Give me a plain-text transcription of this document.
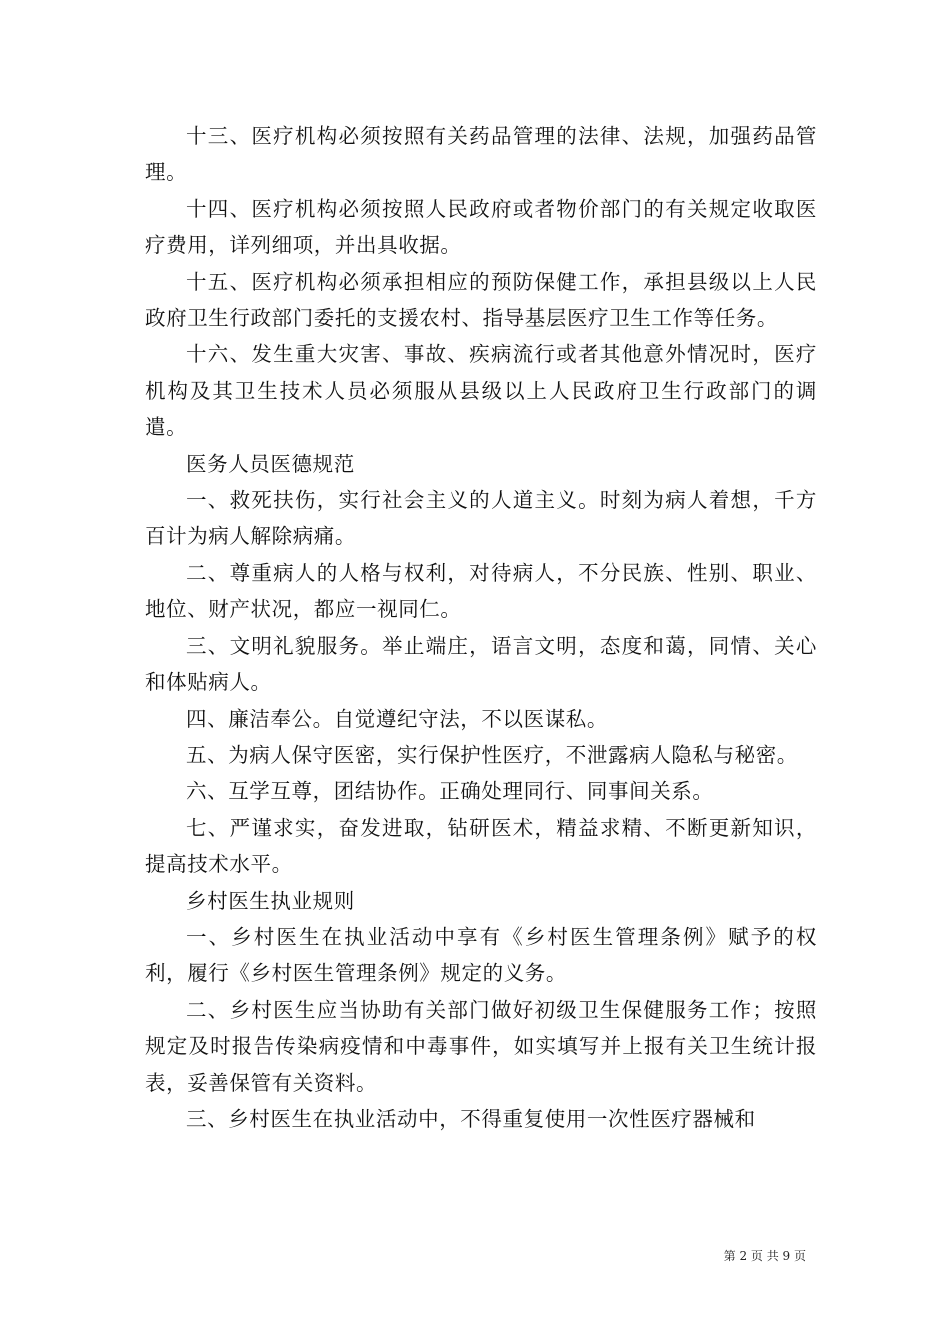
十三、医疗机构必须按照有关药品管理的法律、法规，加强药品管理。

十四、医疗机构必须按照人民政府或者物价部门的有关规定收取医疗费用，详列细项，并出具收据。

十五、医疗机构必须承担相应的预防保健工作，承担县级以上人民政府卫生行政部门委托的支援农村、指导基层医疗卫生工作等任务。

十六、发生重大灾害、事故、疾病流行或者其他意外情况时，医疗机构及其卫生技术人员必须服从县级以上人民政府卫生行政部门的调遣。

医务人员医德规范

一、救死扶伤，实行社会主义的人道主义。时刻为病人着想，千方百计为病人解除病痛。

二、尊重病人的人格与权利，对待病人，不分民族、性别、职业、地位、财产状况，都应一视同仁。

三、文明礼貌服务。举止端庄，语言文明，态度和蔼，同情、关心和体贴病人。

四、廉洁奉公。自觉遵纪守法，不以医谋私。

五、为病人保守医密，实行保护性医疗，不泄露病人隐私与秘密。

六、互学互尊，团结协作。正确处理同行、同事间关系。

七、严谨求实，奋发进取，钻研医术，精益求精、不断更新知识，提高技术水平。

乡村医生执业规则

一、乡村医生在执业活动中享有《乡村医生管理条例》赋予的权利，履行《乡村医生管理条例》规定的义务。

二、乡村医生应当协助有关部门做好初级卫生保健服务工作；按照规定及时报告传染病疫情和中毒事件，如实填写并上报有关卫生统计报表，妥善保管有关资料。

三、乡村医生在执业活动中，不得重复使用一次性医疗器械和

第 2 页 共 9 页
